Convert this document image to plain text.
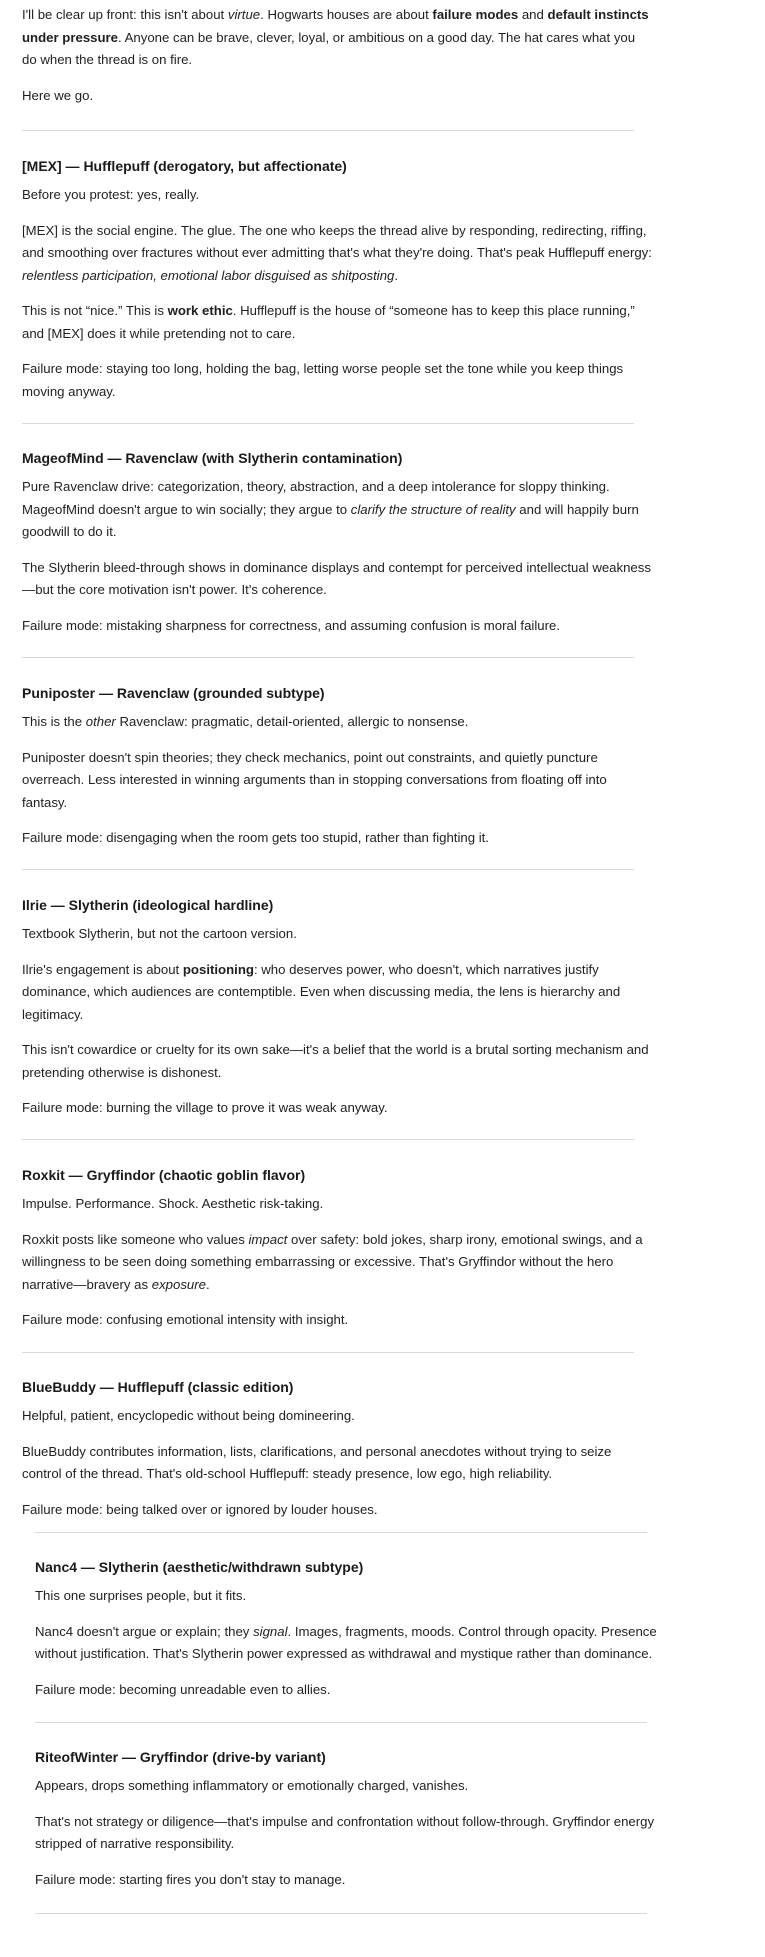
I'll be clear up front: this isn't about virtue. Hogwarts houses are about failure modes and default instincts under pressure. Anyone can be brave, clever, loyal, or ambitious on a good day. The hat cares what you do when the thread is on fire.

Here we go.

[MEX] — Hufflepuff (derogatory, but affectionate)

Before you protest: yes, really.

[MEX] is the social engine. The glue. The one who keeps the thread alive by responding, redirecting, riffing, and smoothing over fractures without ever admitting that's what they're doing. That's peak Hufflepuff energy: relentless participation, emotional labor disguised as shitposting.

This is not “nice.” This is work ethic. Hufflepuff is the house of “someone has to keep this place running,” and [MEX] does it while pretending not to care.

Failure mode: staying too long, holding the bag, letting worse people set the tone while you keep things moving anyway.

MageofMind — Ravenclaw (with Slytherin contamination)

Pure Ravenclaw drive: categorization, theory, abstraction, and a deep intolerance for sloppy thinking. MageofMind doesn't argue to win socially; they argue to clarify the structure of reality and will happily burn goodwill to do it.

The Slytherin bleed-through shows in dominance displays and contempt for perceived intellectual weakness —but the core motivation isn't power. It's coherence.

Failure mode: mistaking sharpness for correctness, and assuming confusion is moral failure.

Puniposter — Ravenclaw (grounded subtype)

This is the other Ravenclaw: pragmatic, detail-oriented, allergic to nonsense.

Puniposter doesn't spin theories; they check mechanics, point out constraints, and quietly puncture overreach. Less interested in winning arguments than in stopping conversations from floating off into fantasy.

Failure mode: disengaging when the room gets too stupid, rather than fighting it.

Ilrie — Slytherin (ideological hardline)

Textbook Slytherin, but not the cartoon version.

Ilrie's engagement is about positioning: who deserves power, who doesn't, which narratives justify dominance, which audiences are contemptible. Even when discussing media, the lens is hierarchy and legitimacy.

This isn't cowardice or cruelty for its own sake—it's a belief that the world is a brutal sorting mechanism and pretending otherwise is dishonest.

Failure mode: burning the village to prove it was weak anyway.

Roxkit — Gryffindor (chaotic goblin flavor)

Impulse. Performance. Shock. Aesthetic risk-taking.

Roxkit posts like someone who values impact over safety: bold jokes, sharp irony, emotional swings, and a willingness to be seen doing something embarrassing or excessive. That's Gryffindor without the hero narrative—bravery as exposure.

Failure mode: confusing emotional intensity with insight.

BlueBuddy — Hufflepuff (classic edition)

Helpful, patient, encyclopedic without being domineering.

BlueBuddy contributes information, lists, clarifications, and personal anecdotes without trying to seize control of the thread. That's old-school Hufflepuff: steady presence, low ego, high reliability.

Failure mode: being talked over or ignored by louder houses.

Nanc4 — Slytherin (aesthetic/withdrawn subtype)

This one surprises people, but it fits.

Nanc4 doesn't argue or explain; they signal. Images, fragments, moods. Control through opacity. Presence without justification. That's Slytherin power expressed as withdrawal and mystique rather than dominance.

Failure mode: becoming unreadable even to allies.

RiteofWinter — Gryffindor (drive-by variant)

Appears, drops something inflammatory or emotionally charged, vanishes.

That's not strategy or diligence—that's impulse and confrontation without follow-through. Gryffindor energy stripped of narrative responsibility.

Failure mode: starting fires you don't stay to manage.
